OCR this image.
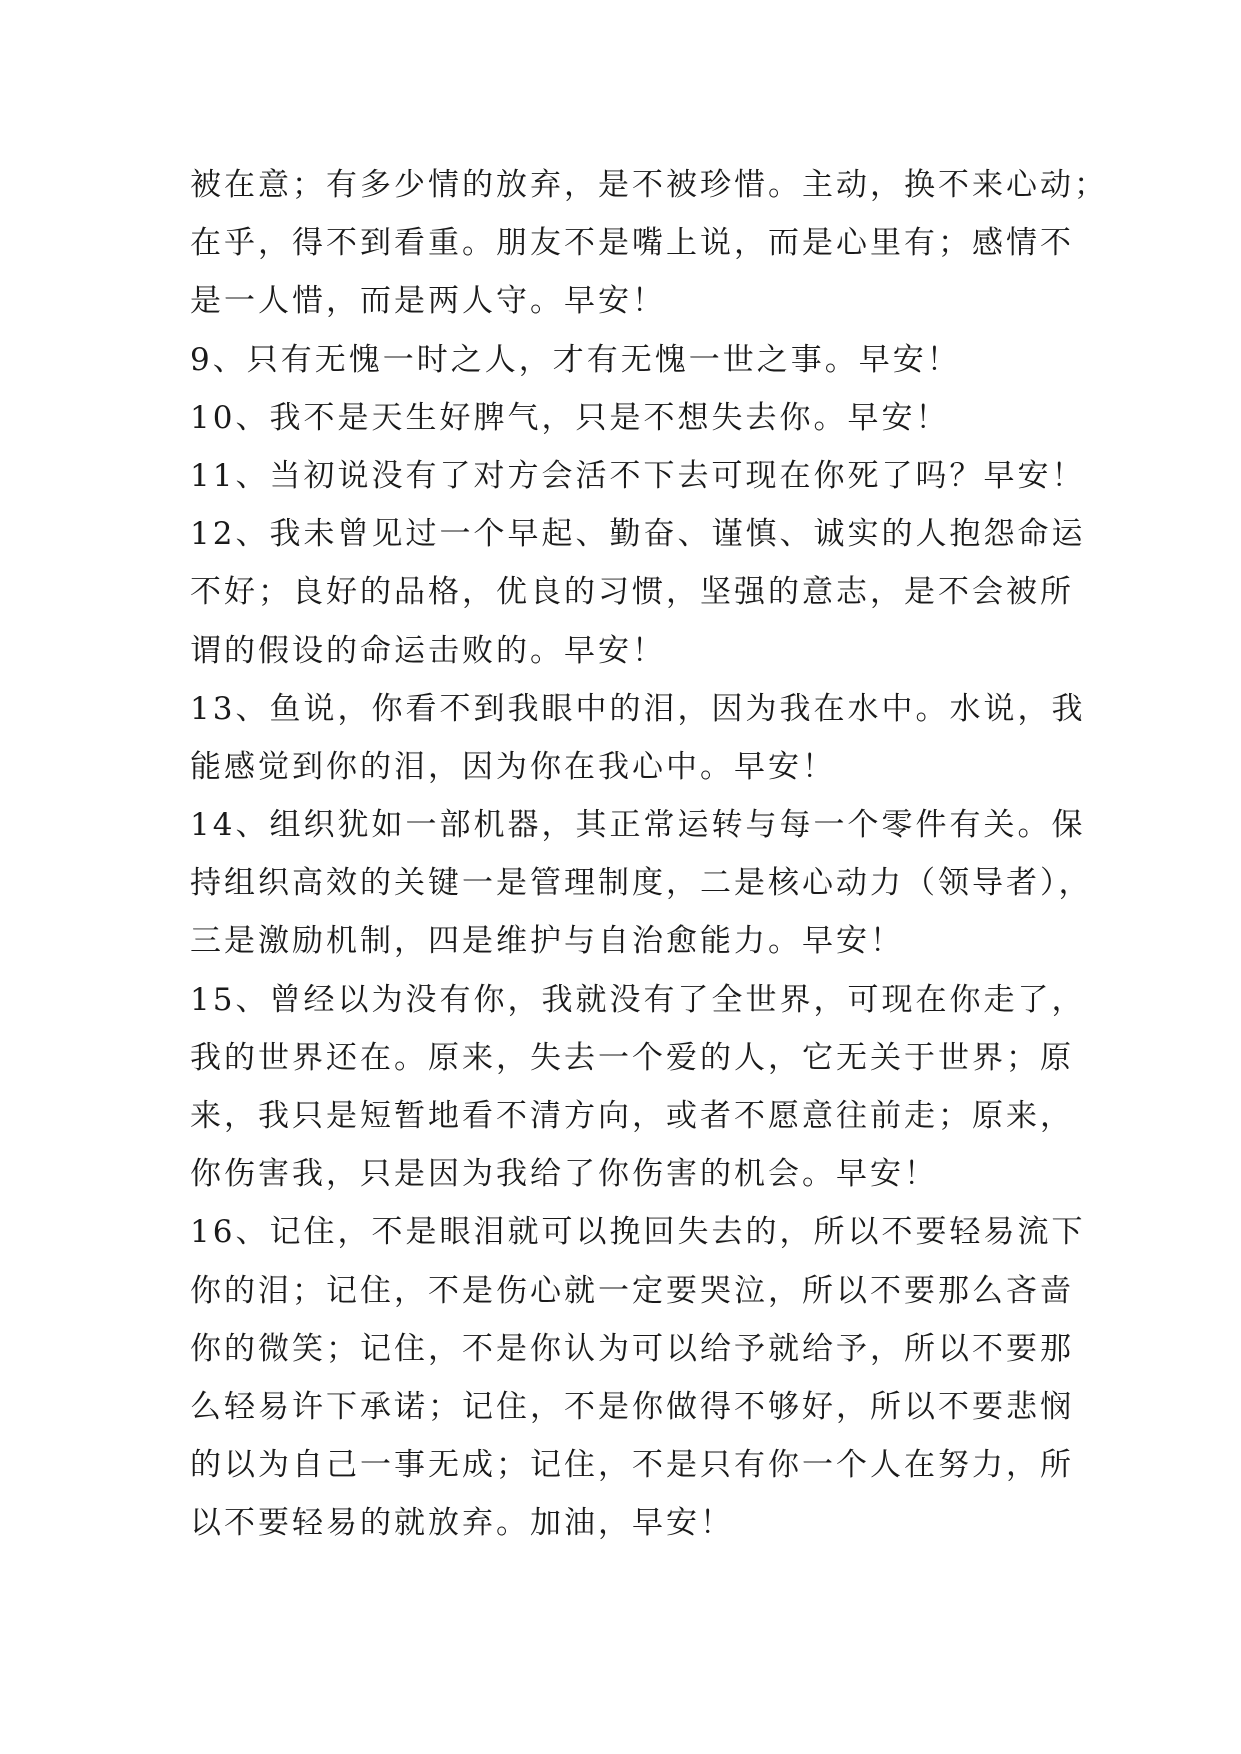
被在意；有多少情的放弃，是不被珍惜。主动，换不来心动；
在乎，得不到看重。朋友不是嘴上说，而是心里有；感情不
是一人惜，而是两人守。早安！
9、只有无愧一时之人，才有无愧一世之事。早安！
10、我不是天生好脾气，只是不想失去你。早安！
11、当初说没有了对方会活不下去可现在你死了吗？早安！
12、我未曾见过一个早起、勤奋、谨慎、诚实的人抱怨命运
不好；良好的品格，优良的习惯，坚强的意志，是不会被所
谓的假设的命运击败的。早安！
13、鱼说，你看不到我眼中的泪，因为我在水中。水说，我
能感觉到你的泪，因为你在我心中。早安！
14、组织犹如一部机器，其正常运转与每一个零件有关。保
持组织高效的关键一是管理制度，二是核心动力（领导者），
三是激励机制，四是维护与自治愈能力。早安！
15、曾经以为没有你，我就没有了全世界，可现在你走了，
我的世界还在。原来，失去一个爱的人，它无关于世界；原
来，我只是短暂地看不清方向，或者不愿意往前走；原来，
你伤害我，只是因为我给了你伤害的机会。早安！
16、记住，不是眼泪就可以挽回失去的，所以不要轻易流下
你的泪；记住，不是伤心就一定要哭泣，所以不要那么吝啬
你的微笑；记住，不是你认为可以给予就给予，所以不要那
么轻易许下承诺；记住，不是你做得不够好，所以不要悲悯
的以为自己一事无成；记住，不是只有你一个人在努力，所
以不要轻易的就放弃。加油，早安！
